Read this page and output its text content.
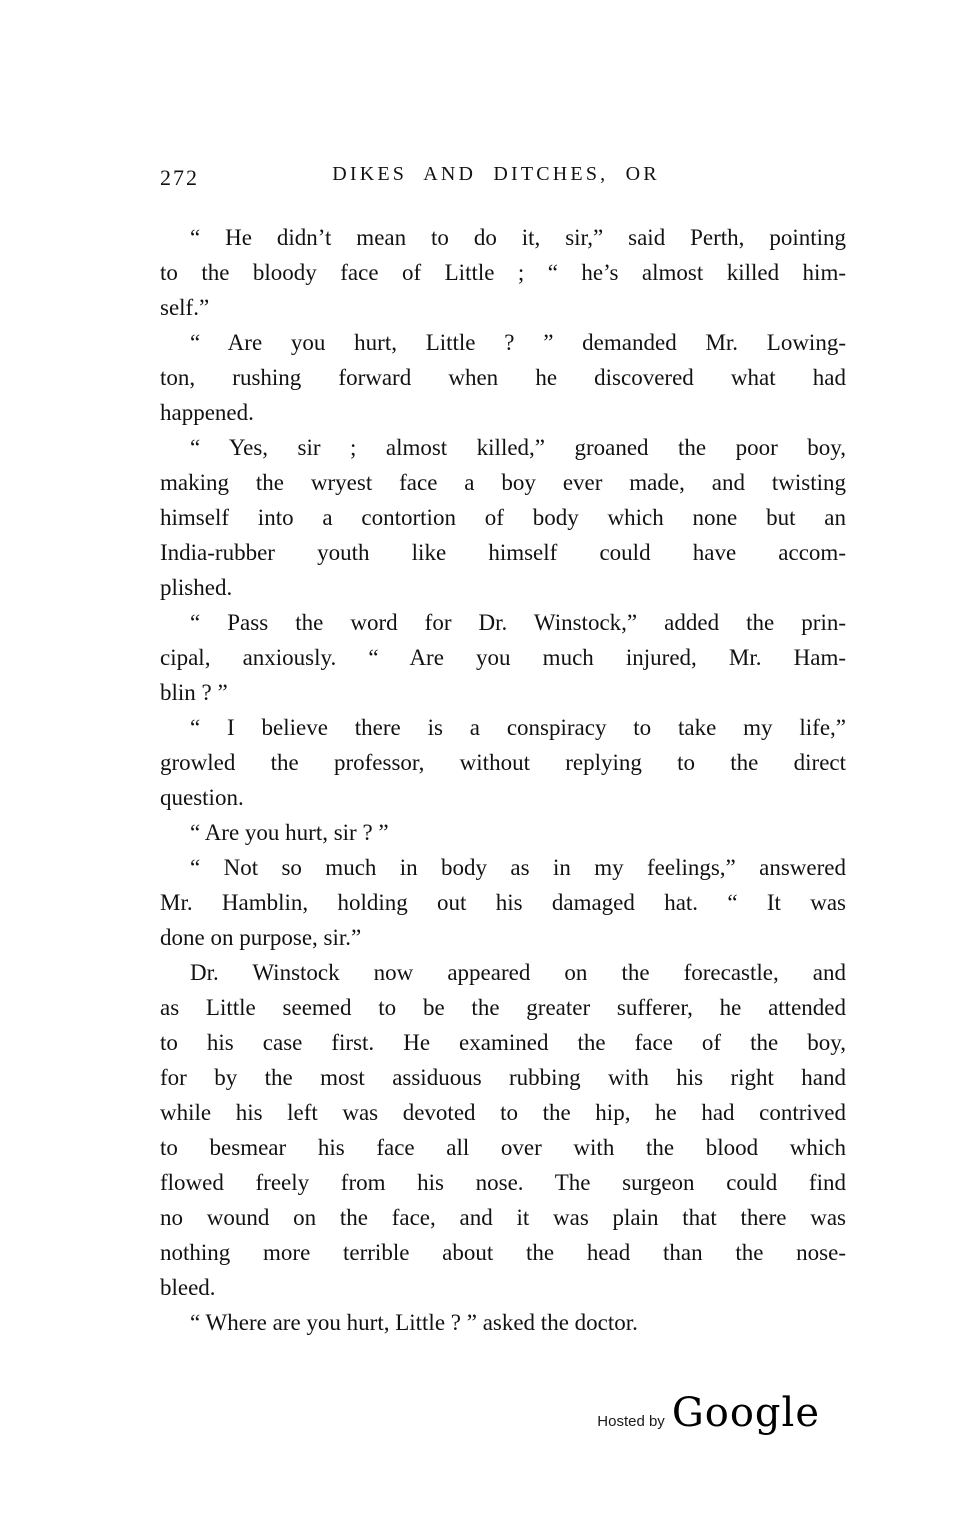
272	DIKES AND DITCHES, OR
“ He didn’t mean to do it, sir,” said Perth, pointing
to the bloody face of Little ; “ he’s almost killed him-
self.”
“ Are you hurt, Little ? ” demanded Mr. Lowing-
ton, rushing forward when he discovered what had
happened.
“ Yes, sir ; almost killed,” groaned the poor boy,
making the wryest face a boy ever made, and twisting
himself into a contortion of body which none but an
India-rubber youth like himself could have accom-
plished.
“ Pass the word for Dr. Winstock,” added the prin-
cipal, anxiously. “ Are you much injured, Mr. Ham-
blin ? ”
“ I believe there is a conspiracy to take my life,”
growled the professor, without replying to the direct
question.
“ Are you hurt, sir ? ”
“ Not so much in body as in my feelings,” answered
Mr. Hamblin, holding out his damaged hat. “ It was
done on purpose, sir.”
Dr. Winstock now appeared on the forecastle, and
as Little seemed to be the greater sufferer, he attended
to his case first. He examined the face of the boy,
for by the most assiduous rubbing with his right hand
while his left was devoted to the hip, he had contrived
to besmear his face all over with the blood which
flowed freely from his nose. The surgeon could find
no wound on the face, and it was plain that there was
nothing more terrible about the head than the nose-
bleed.
“ Where are you hurt, Little ? ” asked the doctor.
Hosted by Google
